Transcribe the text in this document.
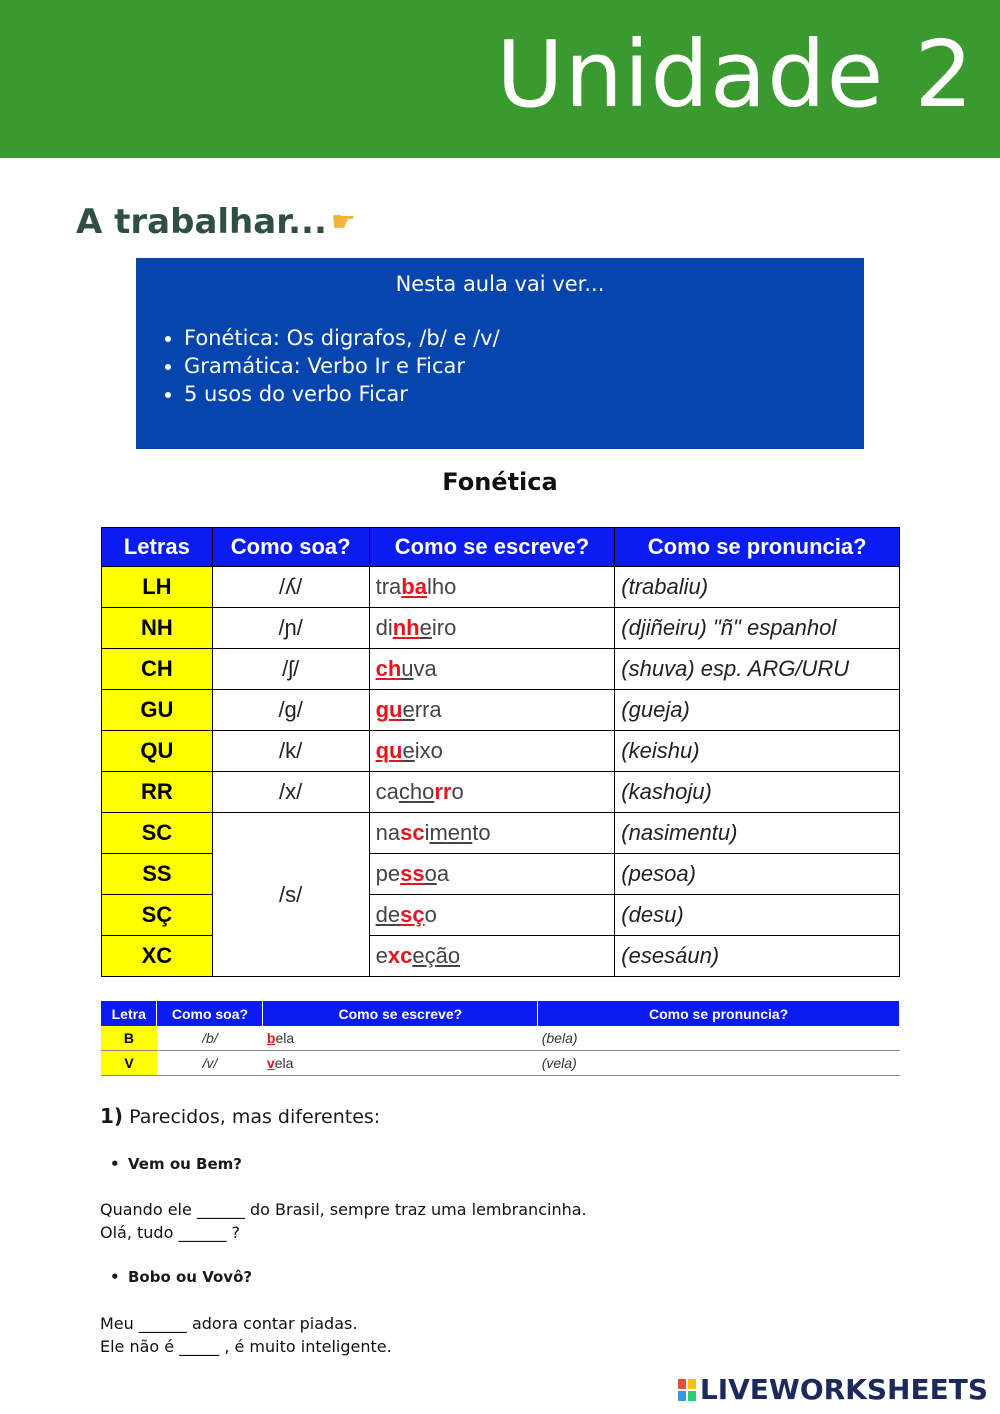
Unidade 2
A trabalhar... ☛
Nesta aula vai ver...
• Fonética: Os digrafos, /b/ e /v/
• Gramática: Verbo Ir e Ficar
• 5 usos do verbo Ficar
Fonética
Letras	Como soa?	Como se escreve?	Como se pronuncia?
LH	/ʎ/	trabalho	(trabaliu)
NH	/ɲ/	dinheiro	(djiñeiru) "ñ" espanhol
CH	/ʃ/	chuva	(shuva) esp. ARG/URU
GU	/g/	guerra	(gueja)
QU	/k/	queixo	(keishu)
RR	/x/	cachorro	(kashoju)
SC	/s/	nascimento	(nasimentu)
SS		pessoa	(pesoa)
SÇ		desço	(desu)
XC		exceção	(esesáun)
Letra	Como soa?	Como se escreve?	Como se pronuncia?
B	/b/	bela	(bela)
V	/v/	vela	(vela)
1) Parecidos, mas diferentes:
• Vem ou Bem?
Quando ele ______ do Brasil, sempre traz uma lembrancinha.
Olá, tudo ______ ?
• Bobo ou Vovô?
Meu ______ adora contar piadas.
Ele não é _____ , é muito inteligente.
LIVEWORKSHEETS
